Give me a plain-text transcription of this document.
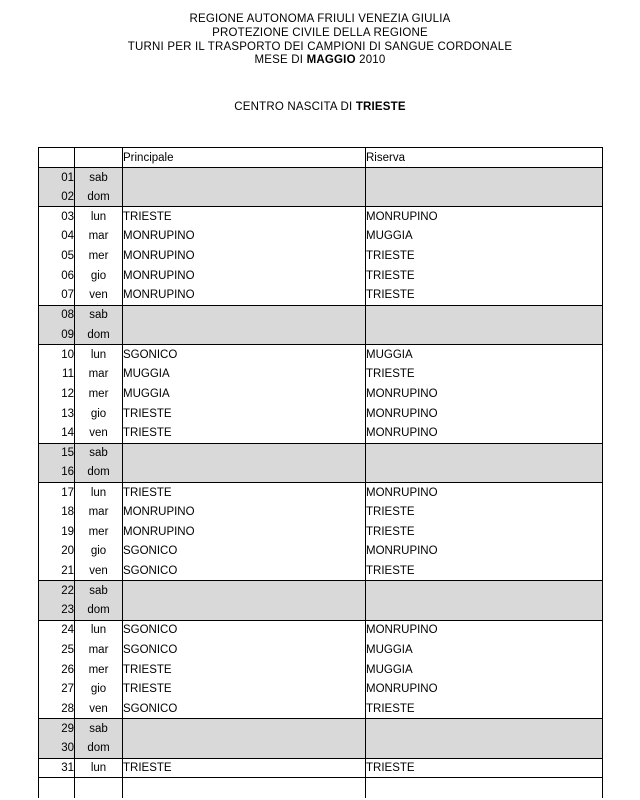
REGIONE AUTONOMA FRIULI VENEZIA GIULIA
PROTEZIONE CIVILE DELLA REGIONE
TURNI PER IL TRASPORTO DEI CAMPIONI DI SANGUE CORDONALE
MESE DI MAGGIO 2010
CENTRO NASCITA DI TRIESTE
		Principale	Riserva
01	sab		
02	dom		
03	lun	TRIESTE	MONRUPINO
04	mar	MONRUPINO	MUGGIA
05	mer	MONRUPINO	TRIESTE
06	gio	MONRUPINO	TRIESTE
07	ven	MONRUPINO	TRIESTE
08	sab		
09	dom		
10	lun	SGONICO	MUGGIA
11	mar	MUGGIA	TRIESTE
12	mer	MUGGIA	MONRUPINO
13	gio	TRIESTE	MONRUPINO
14	ven	TRIESTE	MONRUPINO
15	sab		
16	dom		
17	lun	TRIESTE	MONRUPINO
18	mar	MONRUPINO	TRIESTE
19	mer	MONRUPINO	TRIESTE
20	gio	SGONICO	MONRUPINO
21	ven	SGONICO	TRIESTE
22	sab		
23	dom		
24	lun	SGONICO	MONRUPINO
25	mar	SGONICO	MUGGIA
26	mer	TRIESTE	MUGGIA
27	gio	TRIESTE	MONRUPINO
28	ven	SGONICO	TRIESTE
29	sab		
30	dom		
31	lun	TRIESTE	TRIESTE
